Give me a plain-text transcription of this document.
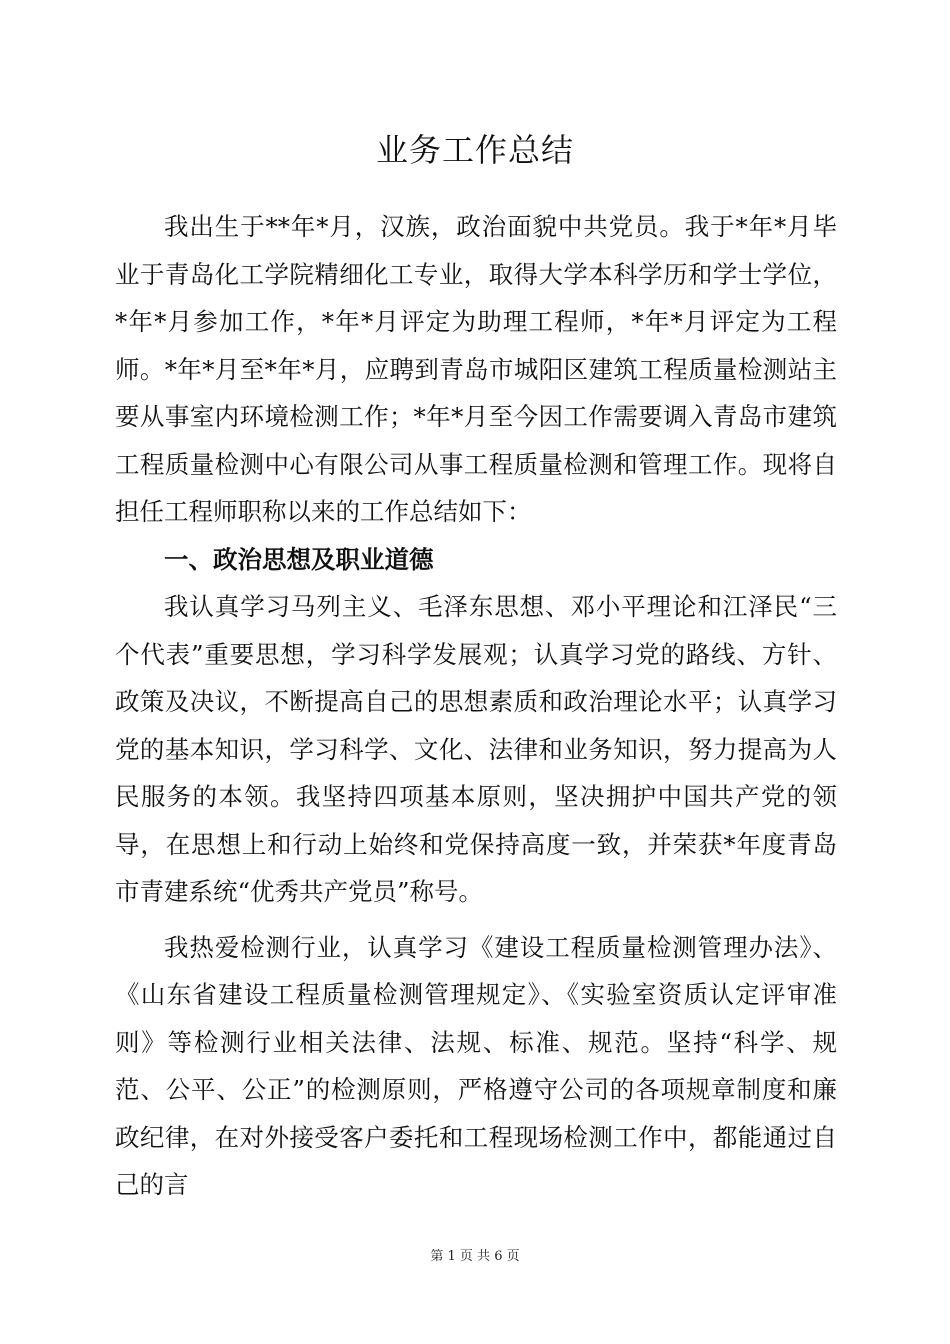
业务工作总结

我出生于**年*月，汉族，政治面貌中共党员。我于*年*月毕业于青岛化工学院精细化工专业，取得大学本科学历和学士学位，*年*月参加工作，*年*月评定为助理工程师，*年*月评定为工程师。*年*月至*年*月，应聘到青岛市城阳区建筑工程质量检测站主要从事室内环境检测工作；*年*月至今因工作需要调入青岛市建筑工程质量检测中心有限公司从事工程质量检测和管理工作。现将自担任工程师职称以来的工作总结如下：

一、政治思想及职业道德

我认真学习马列主义、毛泽东思想、邓小平理论和江泽民“三个代表”重要思想，学习科学发展观；认真学习党的路线、方针、政策及决议，不断提高自己的思想素质和政治理论水平；认真学习党的基本知识，学习科学、文化、法律和业务知识，努力提高为人民服务的本领。我坚持四项基本原则，坚决拥护中国共产党的领导，在思想上和行动上始终和党保持高度一致，并荣获*年度青岛市青建系统“优秀共产党员”称号。

我热爱检测行业，认真学习《建设工程质量检测管理办法》、《山东省建设工程质量检测管理规定》、《实验室资质认定评审准则》等检测行业相关法律、法规、标准、规范。坚持“科学、规范、公平、公正”的检测原则，严格遵守公司的各项规章制度和廉政纪律，在对外接受客户委托和工程现场检测工作中，都能通过自己的言

第 1 页 共 6 页
